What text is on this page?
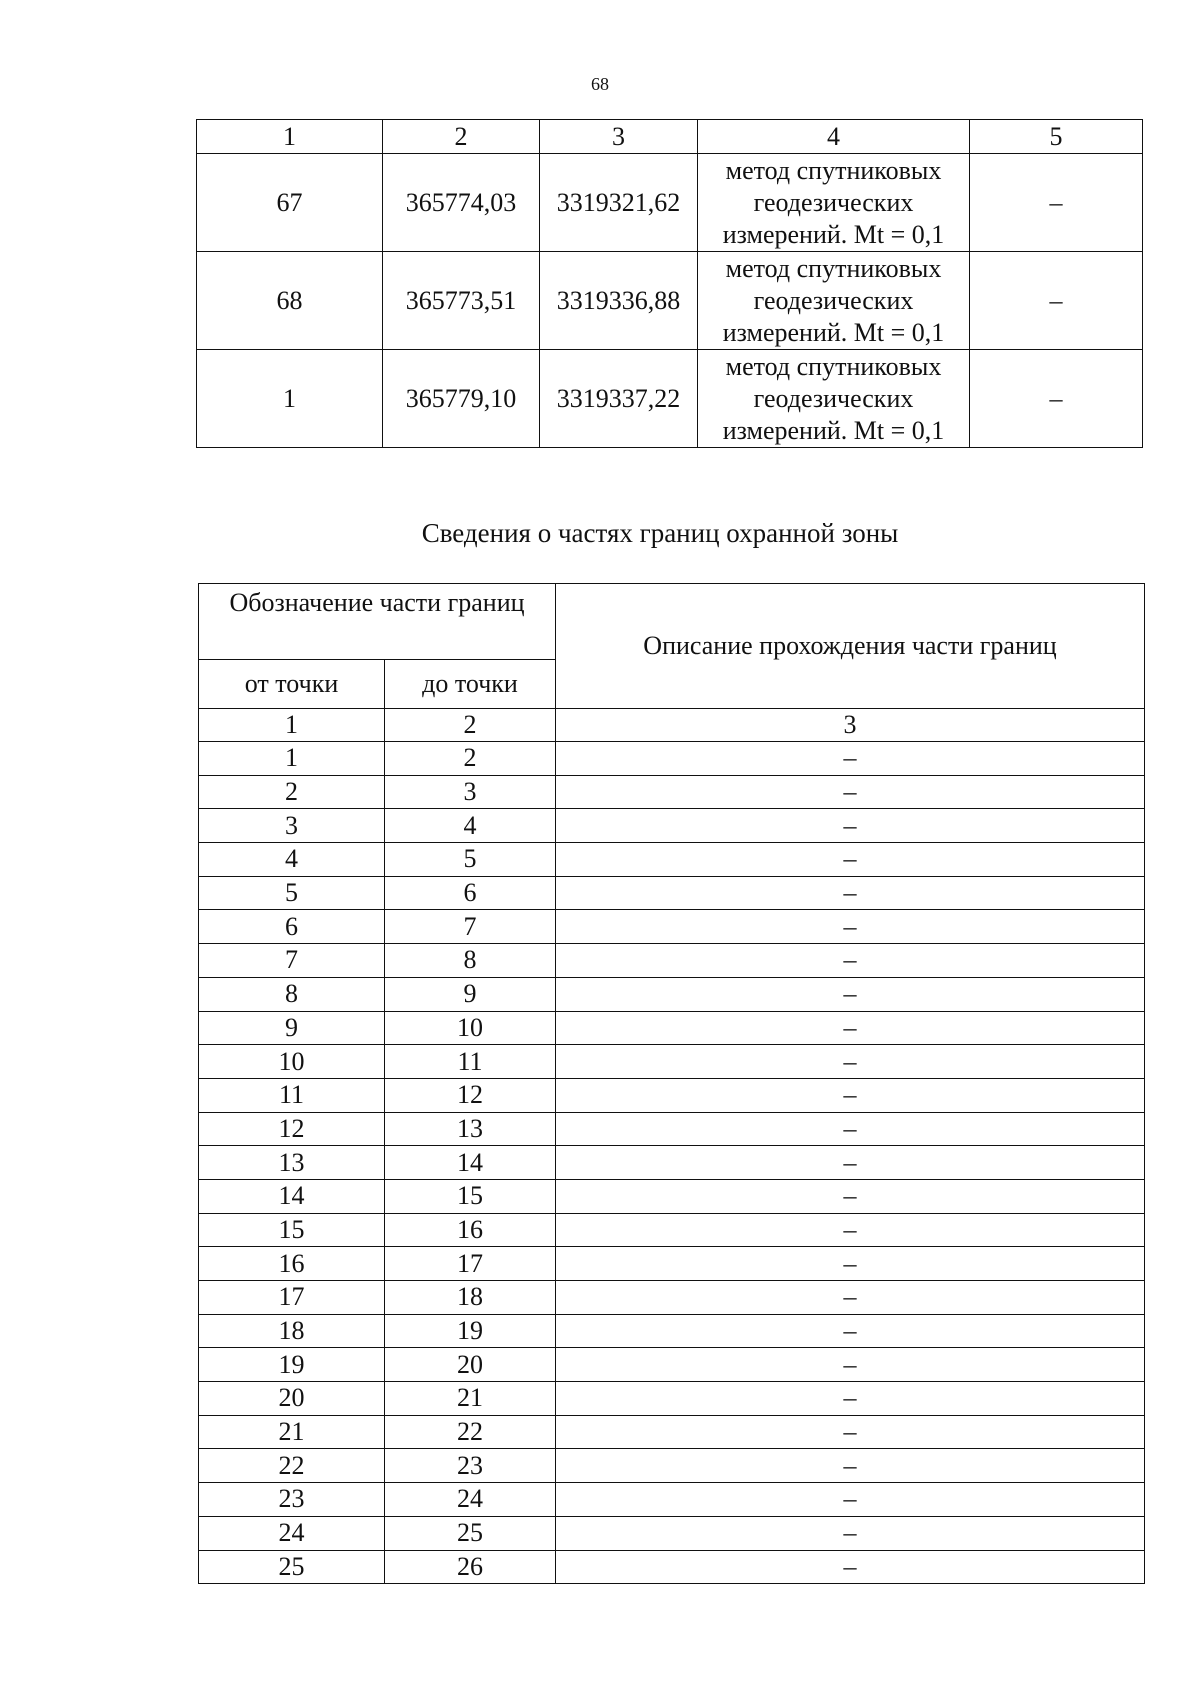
68
1	2	3	4	5
67	365774,03	3319321,62	метод спутниковых
геодезических
измерений. Mt = 0,1	–
68	365773,51	3319336,88	метод спутниковых
геодезических
измерений. Mt = 0,1	–
1	365779,10	3319337,22	метод спутниковых
геодезических
измерений. Mt = 0,1	–
Сведения о частях границ охранной зоны
Обозначение части границ		Описание прохождения части границ
от точки	до точки	
1	2	3
1	2	–
2	3	–
3	4	–
4	5	–
5	6	–
6	7	–
7	8	–
8	9	–
9	10	–
10	11	–
11	12	–
12	13	–
13	14	–
14	15	–
15	16	–
16	17	–
17	18	–
18	19	–
19	20	–
20	21	–
21	22	–
22	23	–
23	24	–
24	25	–
25	26	–
